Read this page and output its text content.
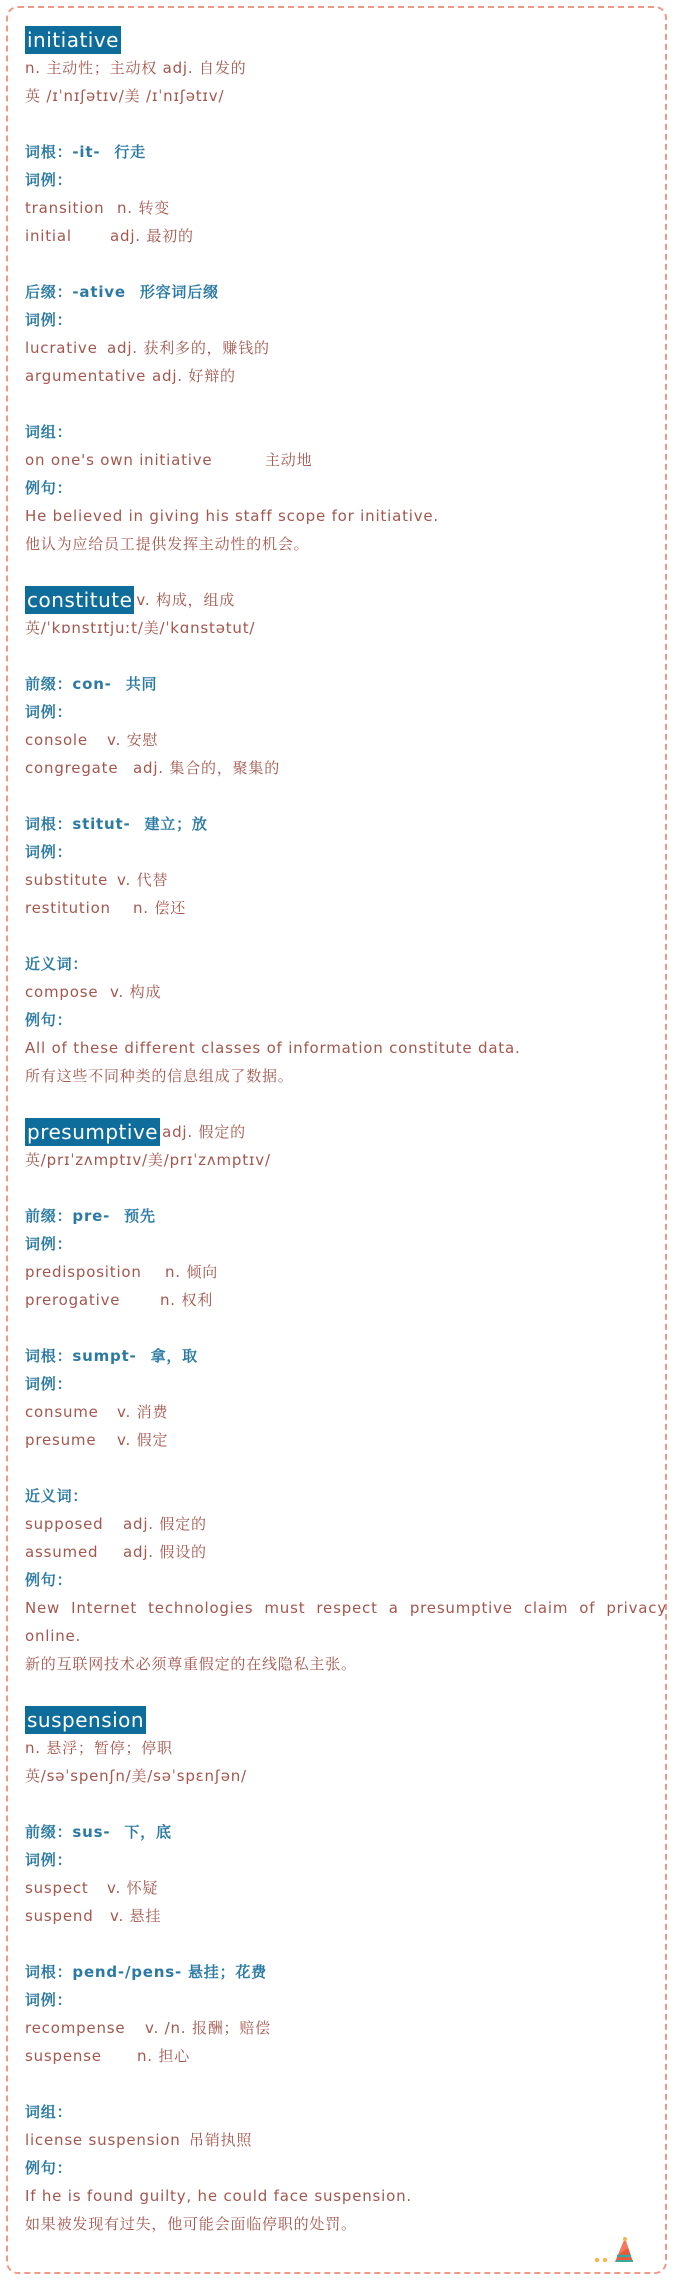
initiative
n. 主动性；主动权 adj. 自发的
英 /ɪˈnɪʃətɪv/美 /ɪˈnɪʃətɪv/
词根：-it- 行走
词例：
transition n. 转变
initial	adj. 最初的
后缀：-ative 形容词后缀
词例：
lucrative adj. 获利多的，赚钱的
argumentative adj. 好辩的
词组：
on one's own initiative	主动地
例句：
He believed in giving his staff scope for initiative.
他认为应给员工提供发挥主动性的机会。
constitute v. 构成，组成
英/ˈkɒnstɪtjuːt/美/ˈkɑnstətut/
前缀：con- 共同
词例：
console v. 安慰
congregate adj. 集合的，聚集的
词根：stitut- 建立；放
词例：
substitute v. 代替
restitution n. 偿还
近义词：
compose v. 构成
例句：
All of these different classes of information constitute data.
所有这些不同种类的信息组成了数据。
presumptive adj. 假定的
英/prɪˈzʌmptɪv/美/prɪˈzʌmptɪv/
前缀：pre- 预先
词例：
predisposition n. 倾向
prerogative	n. 权利
词根：sumpt- 拿，取
词例：
consume v. 消费
presume v. 假定
近义词：
supposed adj. 假定的
assumed adj. 假设的
例句：
New Internet technologies must respect a presumptive claim of privacy online.
新的互联网技术必须尊重假定的在线隐私主张。
suspension
n. 悬浮；暂停；停职
英/səˈspenʃn/美/səˈspɛnʃən/
前缀：sus- 下，底
词例：
suspect v. 怀疑
suspend v. 悬挂
词根：pend-/pens- 悬挂；花费
词例：
recompense v. /n. 报酬；赔偿
suspense n. 担心
词组：
license suspension 吊销执照
例句：
If he is found guilty, he could face suspension.
如果被发现有过失，他可能会面临停职的处罚。
